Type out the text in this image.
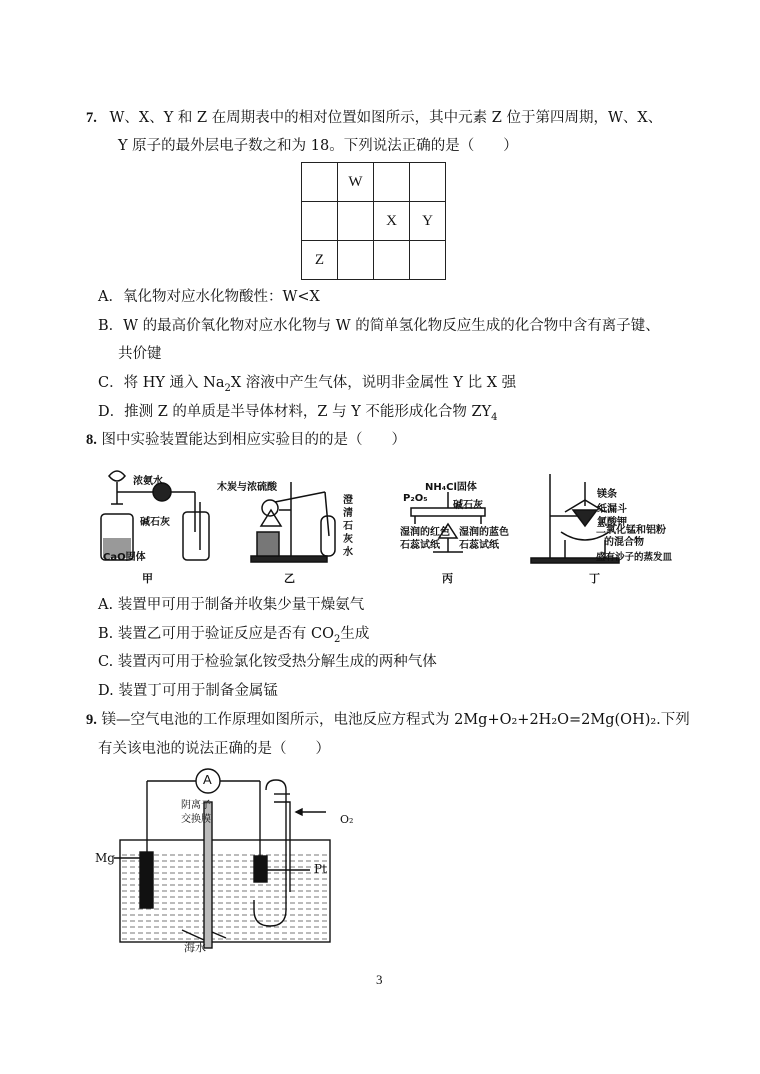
7. W、X、Y 和 Z 在周期表中的相对位置如图所示，其中元素 Z 位于第四周期，W、X、
Y 原子的最外层电子数之和为 18。下列说法正确的是（　　）
	W		
		X	Y
Z			
A．氧化物对应水化物酸性：W<X
B．W 的最高价氧化物对应水化物与 W 的简单氢化物反应生成的化合物中含有离子键、
共价键
C．将 HY 通入 $Na_2X$ 溶液中产生气体，说明非金属性 Y 比 X 强
D．推测 Z 的单质是半导体材料，Z 与 Y 不能形成化合物 $ZY_4$
8. 图中实验装置能达到相应实验目的的是（　　）
浓氨水
碱石灰
CaO固体
甲
木炭与浓硫酸
澄
清
石
灰
水
乙
NH₄Cl固体
P₂O₅
碱石灰
湿润的红色
石蕊试纸
湿润的蓝色
石蕊试纸
丙
镁条
纸漏斗
氯酸钾
二氧化锰和铝粉
的混合物
盛有沙子的蒸发皿
丁
A. 装置甲可用于制备并收集少量干燥氨气
B. 装置乙可用于验证反应是否有 $CO_2$生成
C. 装置丙可用于检验氯化铵受热分解生成的两种气体
D. 装置丁可用于制备金属锰
9. 镁—空气电池的工作原理如图所示，电池反应方程式为 2Mg+O₂+2H₂O=2Mg(OH)₂.下列
有关该电池的说法正确的是（　　）
A
阴离子
交换膜	O₂
Mg
Pt
海水
3
